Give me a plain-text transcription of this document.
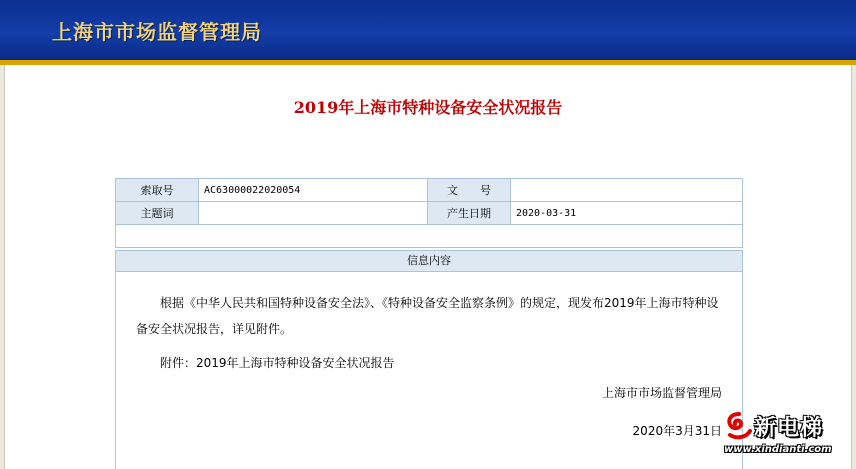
上海市市场监督管理局
2019年上海市特种设备安全状况报告
索取号	AC63000022020054	文　　号	
主题词		产生日期	2020-03-31

信息内容
根据《中华人民共和国特种设备安全法》、《特种设备安全监察条例》的规定，现发布2019年上海市特种设备安全状况报告，详见附件。
附件：2019年上海市特种设备安全状况报告
上海市市场监督管理局
2020年3月31日 新电梯
www.xindianti.com
